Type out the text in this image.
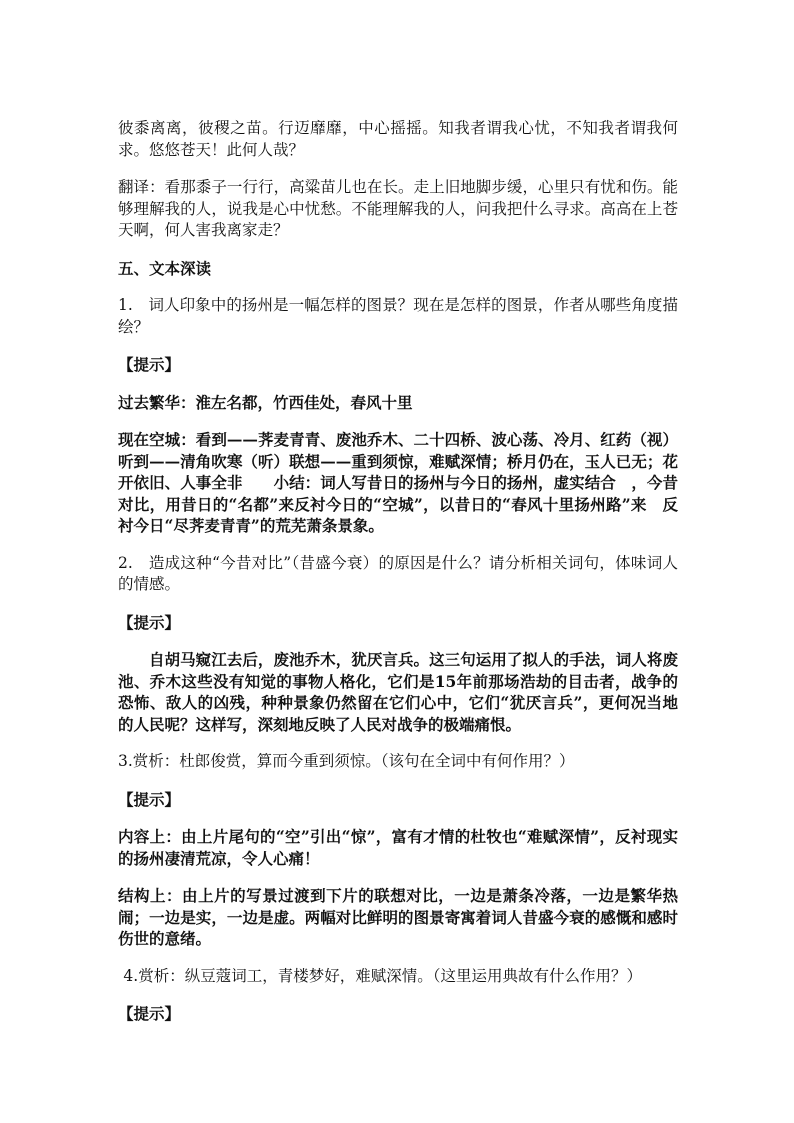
彼黍离离，彼稷之苗。行迈靡靡，中心摇摇。知我者谓我心忧，不知我者谓我何求。悠悠苍天！此何人哉？

翻译：看那黍子一行行，高粱苗儿也在长。走上旧地脚步缓，心里只有忧和伤。能够理解我的人，说我是心中忧愁。不能理解我的人，问我把什么寻求。高高在上苍天啊，何人害我离家走？

五、文本深读

1.　词人印象中的扬州是一幅怎样的图景？现在是怎样的图景，作者从哪些角度描绘？

【提示】

过去繁华：淮左名都，竹西佳处，春风十里

现在空城：看到——荠麦青青、废池乔木、二十四桥、波心荡、冷月、红药（视）听到——清角吹寒（听）联想——重到须惊，难赋深情；桥月仍在，玉人已无；花开依旧、人事全非　　小结：词人写昔日的扬州与今日的扬州，虚实结合　，今昔对比，用昔日的“名都”来反衬今日的“空城”，以昔日的“春风十里扬州路”来　反衬今日“尽荠麦青青”的荒芜萧条景象。

2.　造成这种“今昔对比”（昔盛今衰）的原因是什么？请分析相关词句，体味词人的情感。

【提示】

自胡马窥江去后，废池乔木，犹厌言兵。这三句运用了拟人的手法，词人将废池、乔木这些没有知觉的事物人格化，它们是15年前那场浩劫的目击者，战争的恐怖、敌人的凶残，种种景象仍然留在它们心中，它们“犹厌言兵”，更何况当地的人民呢？这样写，深刻地反映了人民对战争的极端痛恨。

3.赏析：杜郎俊赏，算而今重到须惊。（该句在全词中有何作用？）

【提示】

内容上：由上片尾句的“空”引出“惊”，富有才情的杜牧也“难赋深情”，反衬现实的扬州凄清荒凉，令人心痛！

结构上：由上片的写景过渡到下片的联想对比，一边是萧条冷落，一边是繁华热闹；一边是实，一边是虚。两幅对比鲜明的图景寄寓着词人昔盛今衰的感慨和感时伤世的意绪。

4.赏析：纵豆蔻词工，青楼梦好，难赋深情。（这里运用典故有什么作用？）

【提示】
